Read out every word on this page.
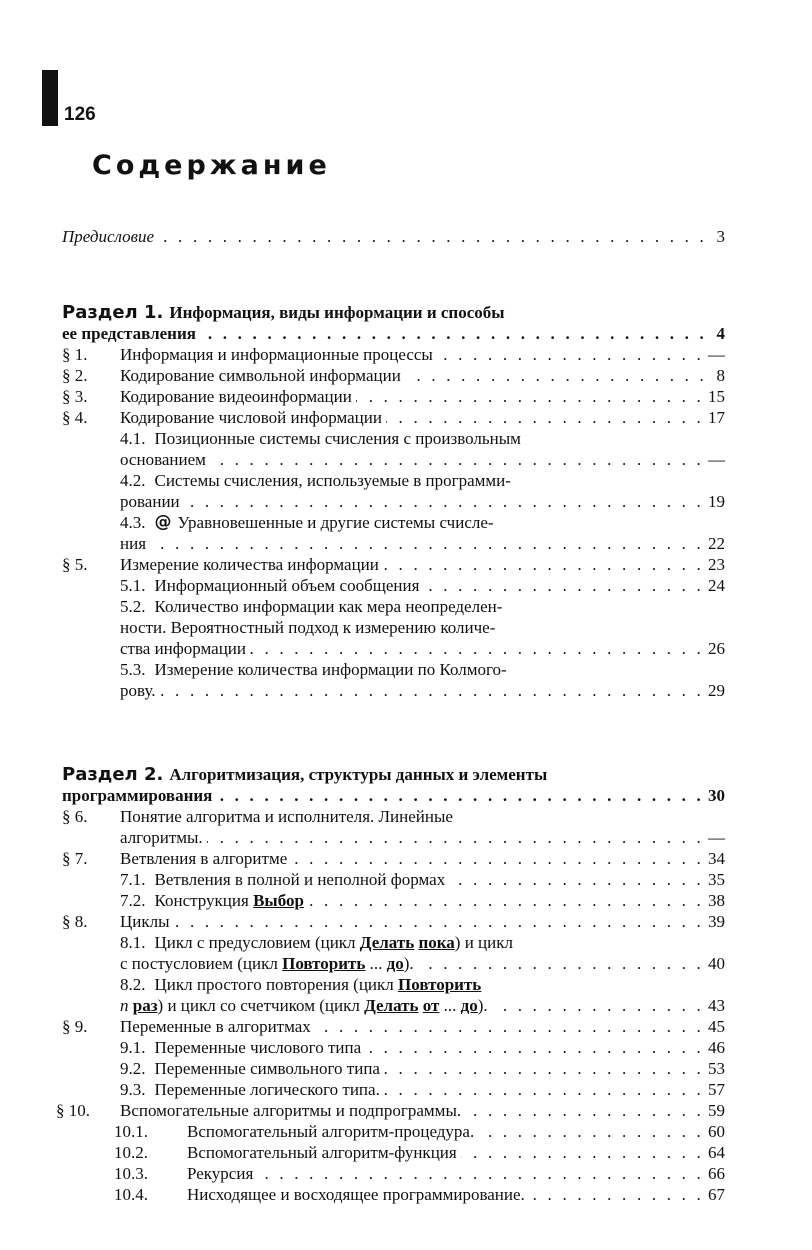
126
Содержание
Предисловие . . .	3
Раздел 1. Информация, виды информации и способы
ее представления . . .	4
§ 1.	Информация и информационные процессы . . .	—
§ 2.	Кодирование символьной информации . . .	8
§ 3.	Кодирование видеоинформации . . .	15
§ 4.	Кодирование числовой информации . . .	17
4.1. Позиционные системы счисления с произвольным
основанием . . .	—
4.2. Системы счисления, используемые в программи-
ровании . . .	19
4.3. @ Уравновешенные и другие системы счисле-
ния . . .	22
§ 5.	Измерение количества информации . . .	23
5.1. Информационный объем сообщения . . .	24
5.2. Количество информации как мера неопределен-
ности. Вероятностный подход к измерению количе-
ства информации . . .	26
5.3. Измерение количества информации по Колмого-
рову. . . .	29
Раздел 2. Алгоритмизация, структуры данных и элементы
программирования . . .	30
§ 6.	Понятие алгоритма и исполнителя. Линейные
алгоритмы. . . .	—
§ 7.	Ветвления в алгоритме . . .	34
7.1. Ветвления в полной и неполной формах . . .	35
7.2. Конструкция Выбор . . .	38
§ 8.	Циклы . . .	39
8.1. Цикл с предусловием (цикл Делать пока) и цикл
с постусловием (цикл Повторить ... до). . . .	40
8.2. Цикл простого повторения (цикл Повторить
n раз) и цикл со счетчиком (цикл Делать от ... до). . . .	43
§ 9.	Переменные в алгоритмах . . .	45
9.1. Переменные числового типа . . .	46
9.2. Переменные символьного типа . . .	53
9.3. Переменные логического типа. . . .	57
§ 10.	Вспомогательные алгоритмы и подпрограммы. . . .	59
10.1.	Вспомогательный алгоритм-процедура. . . .	60
10.2.	Вспомогательный алгоритм-функция . . .	64
10.3.	Рекурсия . . .	66
10.4.	Нисходящее и восходящее программирование. . . .	67
